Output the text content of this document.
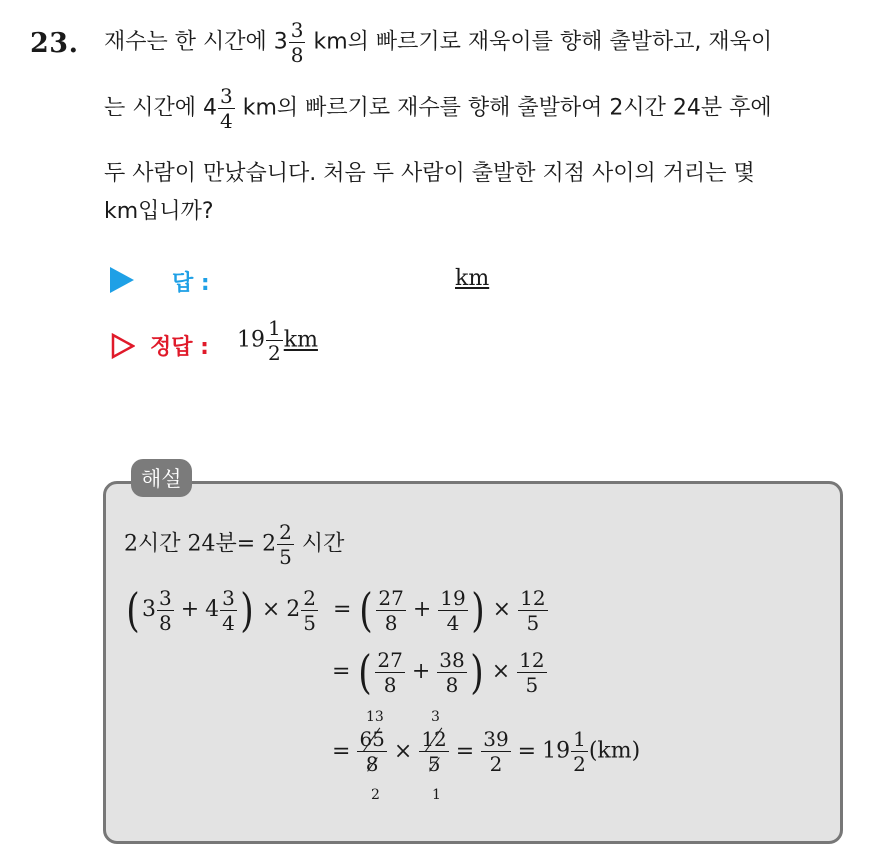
23. 재수는 한 시간에 $3 \frac{3}{8}$ km의 빠르기로 재욱이를 향해 출발하고, 재욱이
는 시간에 $4 \frac{3}{4}$ km의 빠르기로 재수를 향해 출발하여 2시간 24분 후에
두 사람이 만났습니다. 처음 두 사람이 출발한 지점 사이의 거리는 몇
km입니까?
답 :	km
정답 : $19 \frac{1}{2}$ km
해설
2시간 24분= $2 \frac{2}{5}$ 시간
( $3 \frac{3}{8} + 4 \frac{3}{4}$ ) × $2 \frac{2}{5}$ = ( $\frac{27}{8} + \frac{19}{4}$ ) × $\frac{12}{5}$
= ( $\frac{27}{8} + \frac{38}{8}$ ) × $\frac{12}{5}$
= $\frac{65}{8} \times \frac{12}{5} = \frac{39}{2} = 19 \frac{1}{2} (km)$
13
2
3
1
